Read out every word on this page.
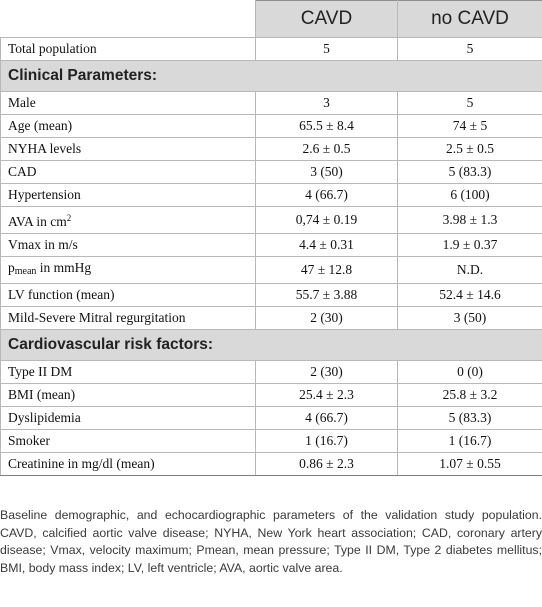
	CAVD	no CAVD
Total population	5	5
Clinical Parameters:		
Male	3	5
Age (mean)	65.5 ± 8.4	74 ± 5
NYHA levels	2.6 ± 0.5	2.5 ± 0.5
CAD	3 (50)	5 (83.3)
Hypertension	4 (66.7)	6 (100)
AVA in $cm^2$	0,74 ± 0.19	3.98 ± 1.3
Vmax in m/s	4.4 ± 0.31	1.9 ± 0.37
$p_{mean}$ in mmHg	47 ± 12.8	N.D.
LV function (mean)	55.7 ± 3.88	52.4 ± 14.6
Mild-Severe Mitral regurgitation	2 (30)	3 (50)
Cardiovascular risk factors:		
Type II DM	2 (30)	0 (0)
BMI (mean)	25.4 ± 2.3	25.8 ± 3.2
Dyslipidemia	4 (66.7)	5 (83.3)
Smoker	1 (16.7)	1 (16.7)
Creatinine in mg/dl (mean)	0.86 ± 2.3	1.07 ± 0.55

Baseline demographic, and echocardiographic parameters of the validation study population. CAVD, calcified aortic valve disease; NYHA, New York heart association; CAD, coronary artery disease; Vmax, velocity maximum; Pmean, mean pressure; Type II DM, Type 2 diabetes mellitus; BMI, body mass index; LV, left ventricle; AVA, aortic valve area.
